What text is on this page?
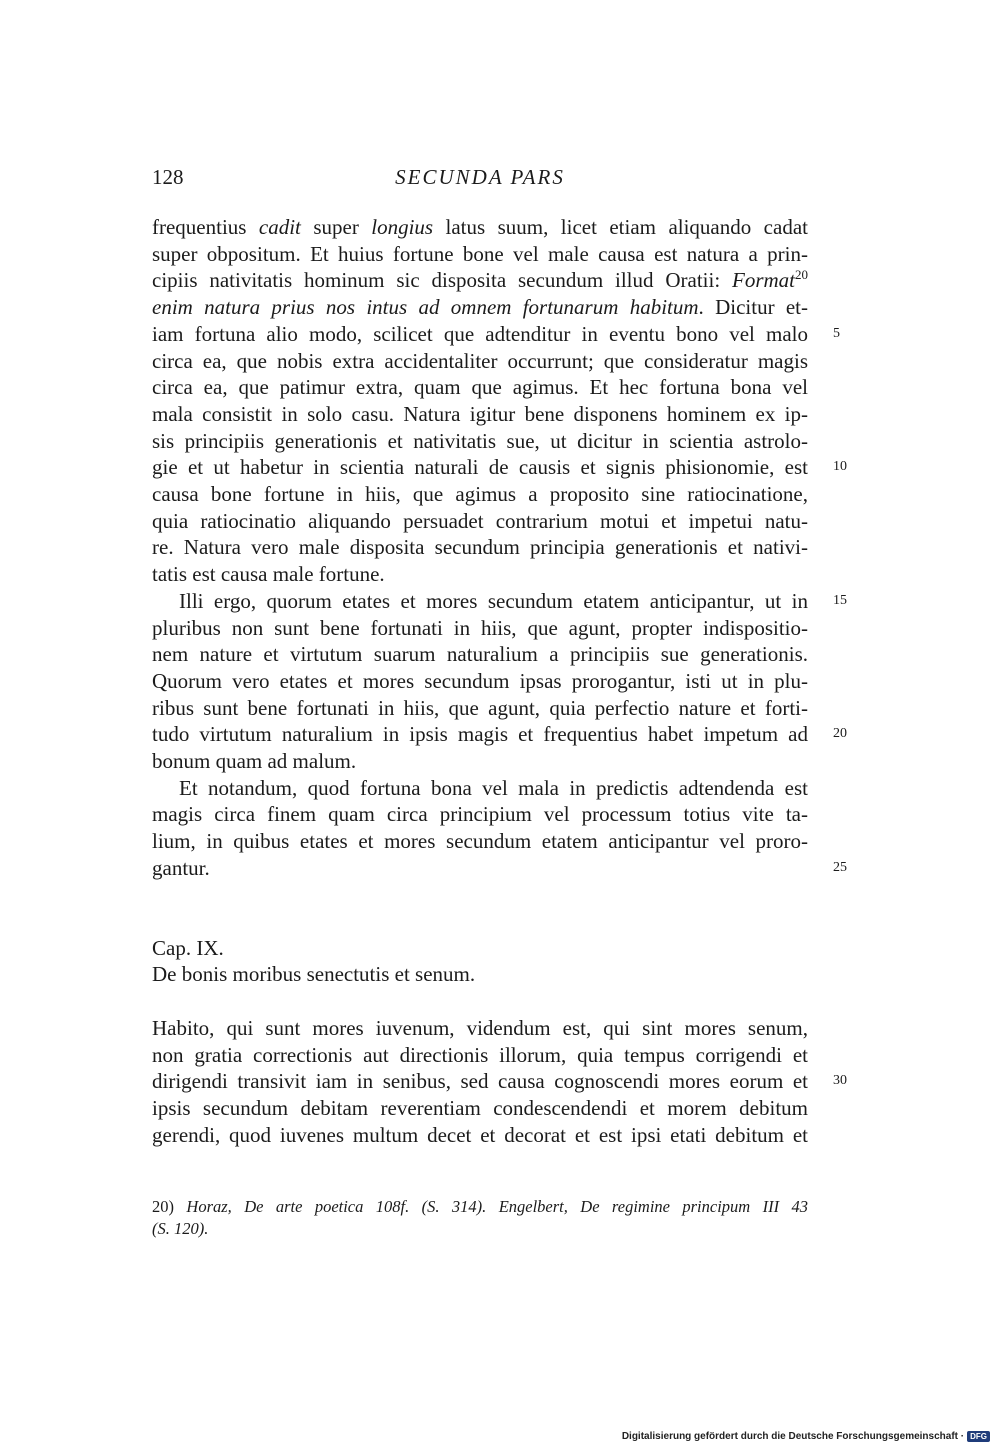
128	SECUNDA PARS
frequentius cadit super longius latus suum, licet etiam aliquando cadat
super obpositum. Et huius fortune bone vel male causa est natura a prin-
cipiis nativitatis hominum sic disposita secundum illud Oratii: Format$^{20}$
enim natura prius nos intus ad omnem fortunarum habitum. Dicitur et-
iam fortuna alio modo, scilicet que adtenditur in eventu bono vel malo
circa ea, que nobis extra accidentaliter occurrunt; que consideratur magis
circa ea, que patimur extra, quam que agimus. Et hec fortuna bona vel
mala consistit in solo casu. Natura igitur bene disponens hominem ex ip-
sis principiis generationis et nativitatis sue, ut dicitur in scientia astrolo-
gie et ut habetur in scientia naturali de causis et signis phisionomie, est
causa bone fortune in hiis, que agimus a proposito sine ratiocinatione,
quia ratiocinatio aliquando persuadet contrarium motui et impetui natu-
re. Natura vero male disposita secundum principia generationis et nativi-
tatis est causa male fortune.
Illi ergo, quorum etates et mores secundum etatem anticipantur, ut in
pluribus non sunt bene fortunati in hiis, que agunt, propter indispositio-
nem nature et virtutum suarum naturalium a principiis sue generationis.
Quorum vero etates et mores secundum ipsas prorogantur, isti ut in plu-
ribus sunt bene fortunati in hiis, que agunt, quia perfectio nature et forti-
tudo virtutum naturalium in ipsis magis et frequentius habet impetum ad
bonum quam ad malum.
Et notandum, quod fortuna bona vel mala in predictis adtendenda est
magis circa finem quam circa principium vel processum totius vite ta-
lium, in quibus etates et mores secundum etatem anticipantur vel proro-
gantur.
Cap. IX.
De bonis moribus senectutis et senum.
Habito, qui sunt mores iuvenum, videndum est, qui sint mores senum,
non gratia correctionis aut directionis illorum, quia tempus corrigendi et
dirigendi transivit iam in senibus, sed causa cognoscendi mores eorum et
ipsis secundum debitam reverentiam condescendendi et morem debitum
gerendi, quod iuvenes multum decet et decorat et est ipsi etati debitum et
5
10
15
20
25
30
20) Horaz, De arte poetica 108f. (S. 314). Engelbert, De regimine principum III 43
(S. 120).
Digitalisierung gefördert durch die Deutsche Forschungsgemeinschaft · DFG
